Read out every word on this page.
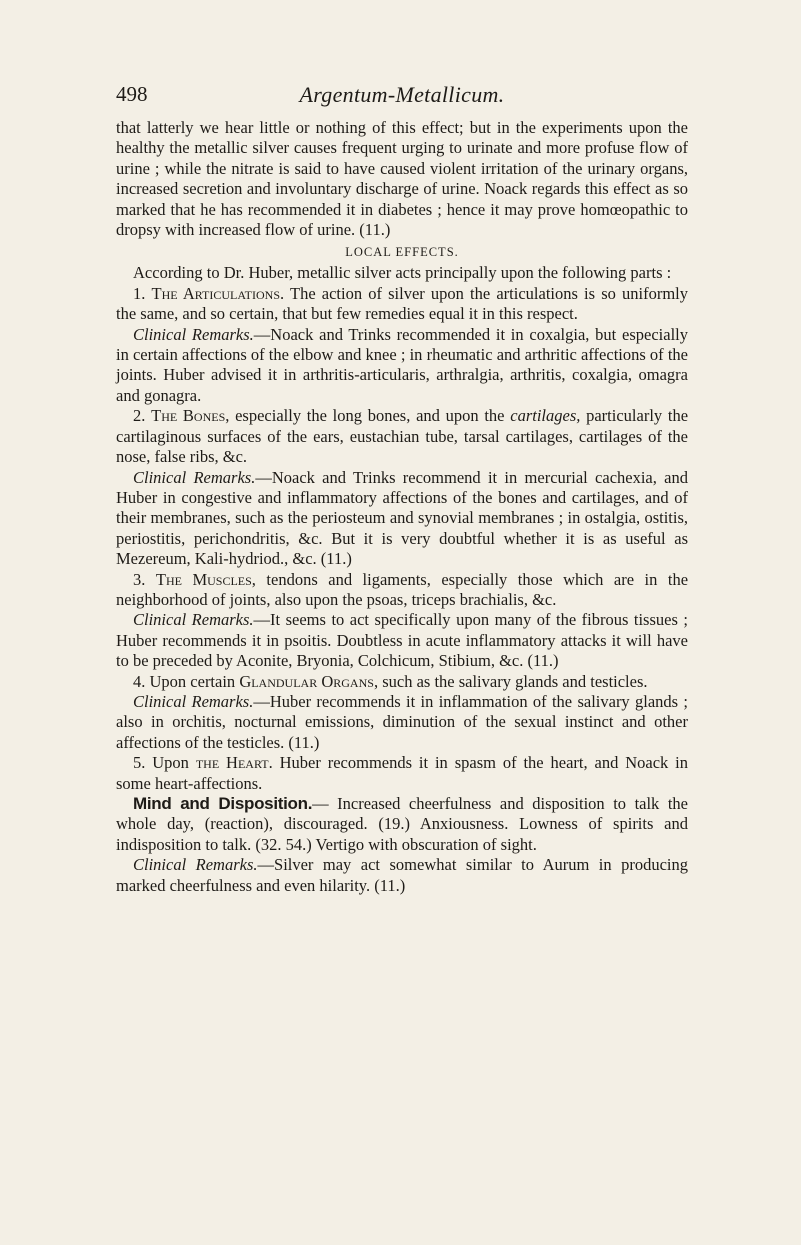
498	Argentum-Metallicum.

that latterly we hear little or nothing of this effect; but in the experiments upon the healthy the metallic silver causes frequent urging to urinate and more profuse flow of urine ; while the nitrate is said to have caused violent irritation of the urinary organs, increased secretion and involuntary discharge of urine. Noack regards this effect as so marked that he has recommended it in diabetes ; hence it may prove homœopathic to dropsy with increased flow of urine. (11.)

LOCAL EFFECTS.

According to Dr. Huber, metallic silver acts principally upon the following parts :

1. The Articulations. The action of silver upon the articulations is so uniformly the same, and so certain, that but few remedies equal it in this respect.

Clinical Remarks.—Noack and Trinks recommended it in coxalgia, but especially in certain affections of the elbow and knee ; in rheumatic and arthritic affections of the joints. Huber advised it in arthritis-articularis, arthralgia, arthritis, coxalgia, omagra and gonagra.

2. The Bones, especially the long bones, and upon the cartilages, particularly the cartilaginous surfaces of the ears, eustachian tube, tarsal cartilages, cartilages of the nose, false ribs, &c.

Clinical Remarks.—Noack and Trinks recommend it in mercurial cachexia, and Huber in congestive and inflammatory affections of the bones and cartilages, and of their membranes, such as the periosteum and synovial membranes ; in ostalgia, ostitis, periostitis, perichondritis, &c. But it is very doubtful whether it is as useful as Mezereum, Kali-hydriod., &c. (11.)

3. The Muscles, tendons and ligaments, especially those which are in the neighborhood of joints, also upon the psoas, triceps brachialis, &c.

Clinical Remarks.—It seems to act specifically upon many of the fibrous tissues ; Huber recommends it in psoitis. Doubtless in acute inflammatory attacks it will have to be preceded by Aconite, Bryonia, Colchicum, Stibium, &c. (11.)

4. Upon certain Glandular Organs, such as the salivary glands and testicles.

Clinical Remarks.—Huber recommends it in inflammation of the salivary glands ; also in orchitis, nocturnal emissions, diminution of the sexual instinct and other affections of the testicles. (11.)

5. Upon the Heart. Huber recommends it in spasm of the heart, and Noack in some heart-affections.

Mind and Disposition.— Increased cheerfulness and disposition to talk the whole day, (reaction), discouraged. (19.) Anxiousness. Lowness of spirits and indisposition to talk. (32. 54.) Vertigo with obscuration of sight.

Clinical Remarks.—Silver may act somewhat similar to Aurum in producing marked cheerfulness and even hilarity. (11.)
